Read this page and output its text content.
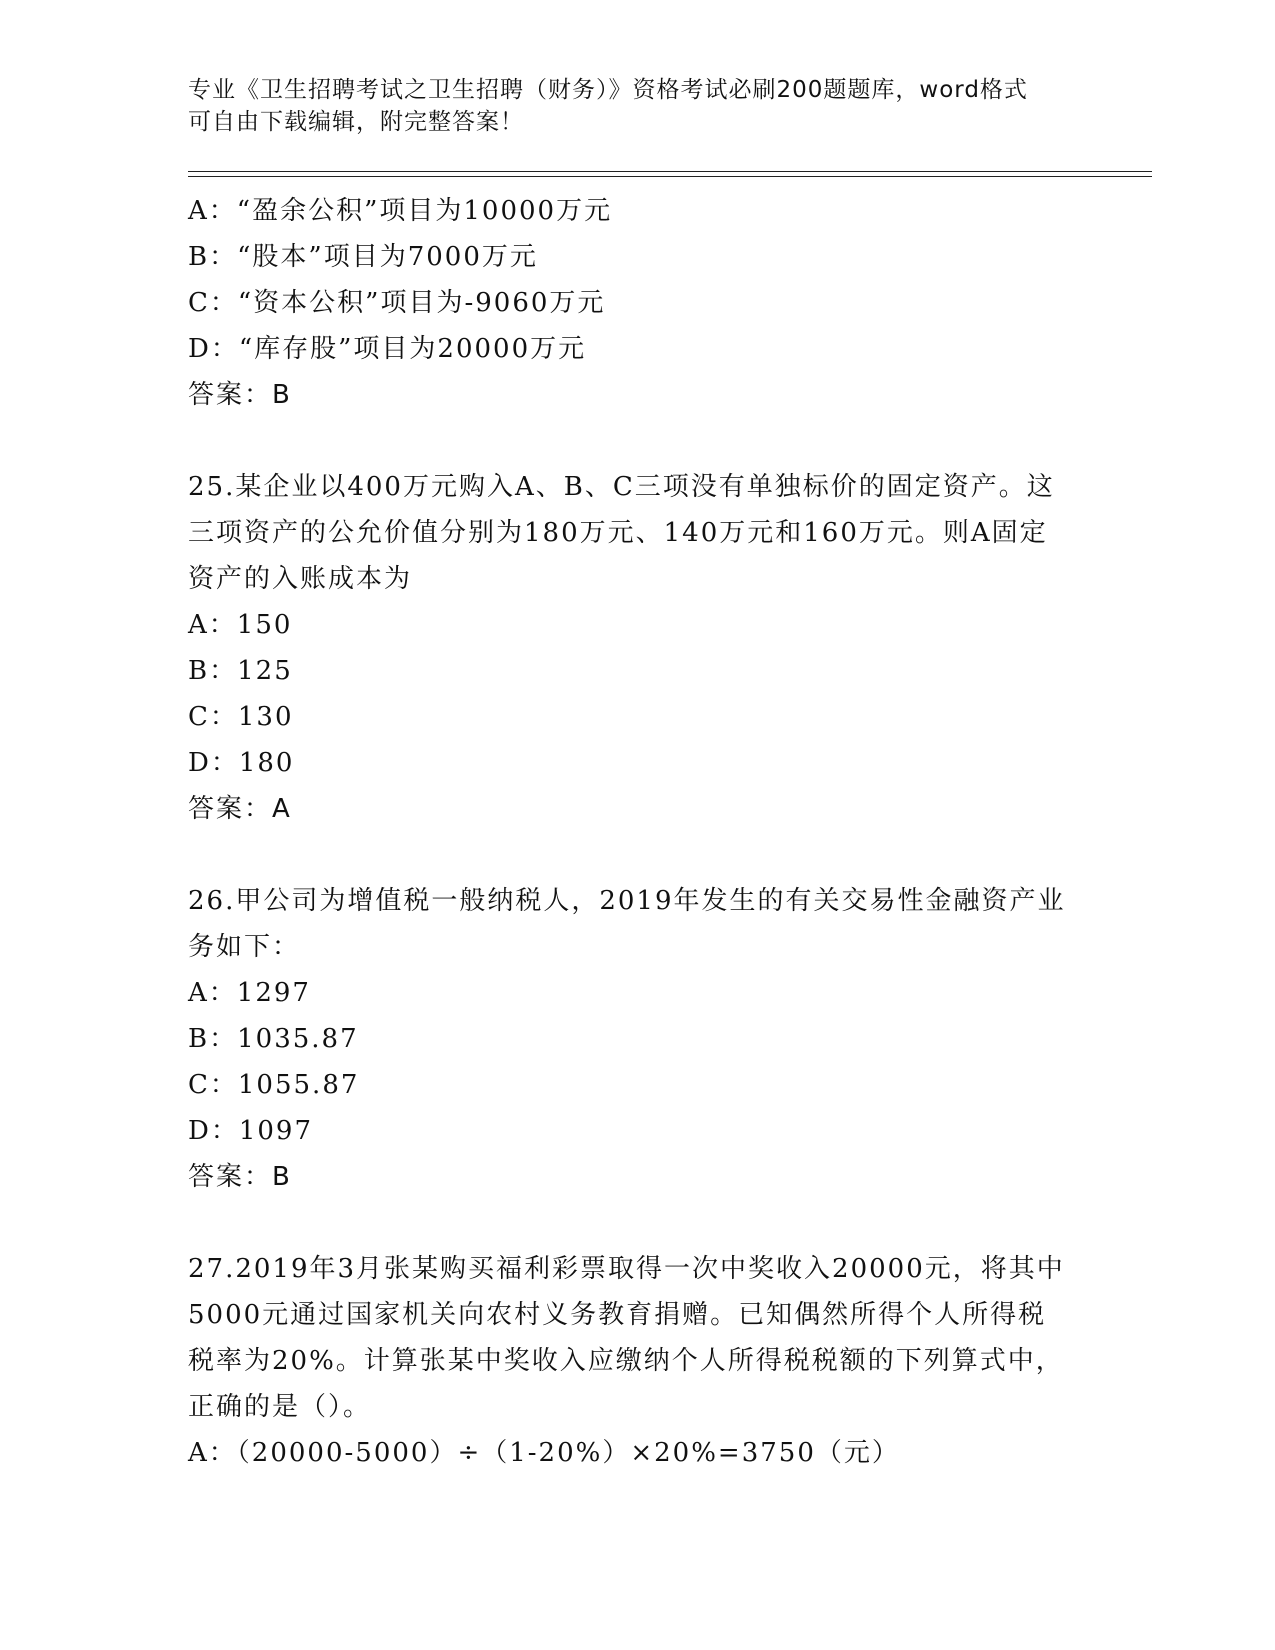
专业《卫生招聘考试之卫生招聘（财务）》资格考试必刷200题题库，word格式
可自由下载编辑，附完整答案！
A：“盈余公积”项目为10000万元
B：“股本”项目为7000万元
C：“资本公积”项目为-9060万元
D：“库存股”项目为20000万元
答案：B
25.某企业以400万元购入A、B、C三项没有单独标价的固定资产。这
三项资产的公允价值分别为180万元、140万元和160万元。则A固定
资产的入账成本为
A：150
B：125
C：130
D：180
答案：A
26.甲公司为增值税一般纳税人，2019年发生的有关交易性金融资产业
务如下：
A：1297
B：1035.87
C：1055.87
D：1097
答案：B
27.2019年3月张某购买福利彩票取得一次中奖收入20000元，将其中
5000元通过国家机关向农村义务教育捐赠。已知偶然所得个人所得税
税率为20%。计算张某中奖收入应缴纳个人所得税税额的下列算式中，
正确的是（）。
A：（20000-5000）÷（1-20%）×20%=3750（元）
